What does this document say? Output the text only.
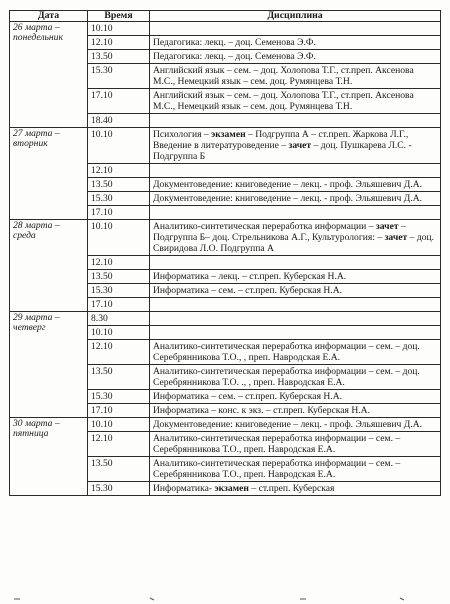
Дата	Время	Дисциплина
26 марта –
понедельник	10.10	
	12.10	Педагогика: лекц. – доц. Семенова Э.Ф.
	13.50	Педагогика: лекц. – доц. Семенова Э.Ф.
	15.30	Английский язык – сем. – доц. Холопова Т.Г., ст.преп. Аксенова М.С., Немецкий язык – сем. доц. Румянцева Т.Н.
	17.10	Английский язык – сем. – доц. Холопова Т.Г., ст.преп. Аксенова М.С., Немецкий язык – сем. доц. Румянцева Т.Н.
	18.40	
27 марта –
вторник	10.10	Психология – экзамен – Подгруппа А – ст.преп. Жаркова Л.Г., Введение в литературоведение – зачет – доц. Пушкарева Л.С. - Подгруппа Б
	12.10	
	13.50	Документоведение: книговедение – лекц. - проф. Эльяшевич Д.А.
	15.30	Документоведение: книговедение – лекц. - проф. Эльяшевич Д.А.
	17.10	
28 марта –
среда	10.10	Аналитико-синтетическая переработка информации – зачет – Подгруппа Б– доц. Стрельникова А.Г., Культурология: – зачет – доц. Свиридова Л.О. Подгруппа А
	12.10	
	13.50	Информатика – лекц. – ст.преп. Куберская Н.А.
	15.30	Информатика – сем. – ст.преп. Куберская Н.А.
	17.10	
29 марта –
четверг	8.30	
	10.10	
	12.10	Аналитико-синтетическая переработка информации – сем. – доц. Серебрянникова Т.О., , преп. Навродская Е.А.
	13.50	Аналитико-синтетическая переработка информации – сем. – доц. Серебрянникова Т.О. ., , преп. Навродская Е.А.
	15.30	Информатика – сем. – ст.преп. Куберская Н.А.
	17.10	Информатика – конс. к экз. – ст.преп. Куберская Н.А.
30 марта –
пятница	10.10	Документоведение: книговедение – лекц. - проф. Эльяшевич Д.А.
	12.10	Аналитико-синтетическая переработка информации – сем. – Серебрянникова Т.О., преп. Навродская Е.А.
	13.50	Аналитико-синтетическая переработка информации – сем. – Серебрянникова Т.О., преп. Навродская Е.А.
	15.30	Информатика- экзамен – ст.преп. Куберская
